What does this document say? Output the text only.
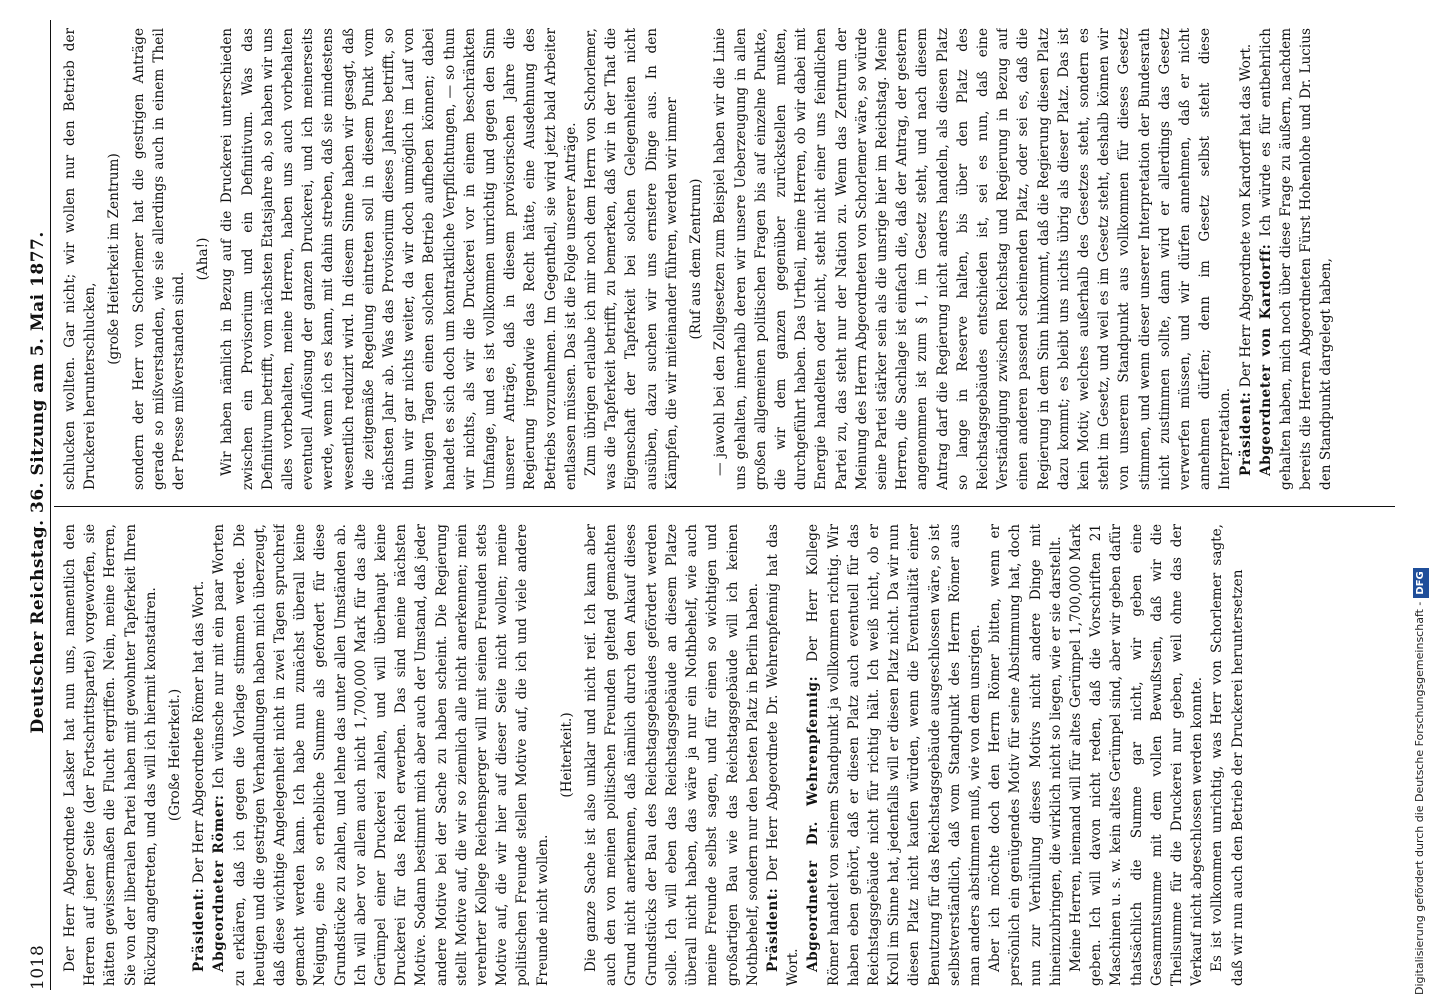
1018
Deutscher Reichstag. 36. Sitzung am 5. Mai 1877.

Der Herr Abgeordnete Lasker hat nun uns, namentlich den Herren auf jener Seite (der Fortschrittspartei) vorgeworfen, sie hätten gewissermaßen die Flucht ergriffen. Nein, meine Herren, Sie von der liberalen Partei haben mit gewohnter Tapferkeit Ihren Rückzug angetreten, und das will ich hiermit konstatiren. (Große Heiterkeit.)

Präsident: Der Herr Abgeordnete Römer hat das Wort. Abgeordneter Römer: Ich wünsche nur mit ein paar Worten zu erklären, daß ich gegen die Vorlage stimmen werde. Die heutigen und die gestrigen Verhandlungen haben mich überzeugt, daß diese wichtige Angelegenheit nicht in zwei Tagen spruchreif gemacht werden kann. Ich habe nun zunächst überall keine Neigung, eine so erhebliche Summe als gefordert für diese Grundstücke zu zahlen, und lehne das unter allen Umständen ab. Ich will aber vor allem auch nicht 1,700,000 Mark für das alte Gerümpel einer Druckerei zahlen, und will überhaupt keine Druckerei für das Reich erwerben. Das sind meine nächsten Motive. Sodann bestimmt mich aber auch der Umstand, daß jeder andere Motive bei der Sache zu haben scheint. Die Regierung stellt Motive auf, die wir so ziemlich alle nicht anerkennen; mein verehrter Kollege Reichensperger will mit seinen Freunden stets Motive auf, die wir hier auf dieser Seite nicht wollen; meine politischen Freunde stellen Motive auf, die ich und viele andere Freunde nicht wollen.

(Heiterkeit.) Die ganze Sache ist also unklar und nicht reif. Ich kann aber auch den von meinen politischen Freunden geltend gemachten Grund nicht anerkennen, daß nämlich durch den Ankauf dieses Grundstücks der Bau des Reichstagsgebäudes gefördert werden solle. Ich will eben das Reichstagsgebäude an diesem Platze überall nicht haben, das wäre ja nur ein Nothbehelf, wie auch meine Freunde selbst sagen, und für einen so wichtigen und großartigen Bau wie das Reichstagsgebäude will ich keinen Nothbehelf, sondern nur den besten Platz in Berlin haben. Präsident: Der Herr Abgeordnete Dr. Wehrenpfennig hat das Wort. Abgeordneter Dr. Wehrenpfennig: Der Herr Kollege Römer handelt von seinem Standpunkt ja vollkommen richtig. Wir haben eben gehört, daß er diesen Platz auch eventuell für das Reichstagsgebäude nicht für richtig hält. Ich weiß nicht, ob er Kroll im Sinne hat, jedenfalls will er diesen Platz nicht. Da wir nun diesen Platz nicht kaufen würden, wenn die Eventualität einer Benutzung für das Reichstagsgebäude ausgeschlossen wäre, so ist selbstverständlich, daß vom Standpunkt des Herrn Römer aus man anders abstimmen muß, wie von dem unsrigen. Aber ich möchte doch den Herrn Römer bitten, wenn er persönlich ein genügendes Motiv für seine Abstimmung hat, doch nun zur Verhüllung dieses Motivs nicht andere Dinge mit hineinzubringen, die wirklich nicht so liegen, wie er sie darstellt. Meine Herren, niemand will für altes Gerümpel 1,700,000 Mark geben. Ich will davon nicht reden, daß die Vorschriften 21 Maschinen u. s. w. kein altes Gerümpel sind, aber wir geben dafür thatsächlich die Summe gar nicht, wir geben eine Gesammtsumme mit dem vollen Bewußtsein, daß wir die Theilsumme für die Druckerei nur geben, weil ohne das der Verkauf nicht abgeschlossen werden konnte. Es ist vollkommen unrichtig, was Herr von Schorlemer sagte, daß wir nun auch den Betrieb der Druckerei heruntersetzen

schlucken wollten. Gar nicht; wir wollen nur den Betrieb der Druckerei herunterschlucken,

(große Heiterkeit im Zentrum) sondern der Herr von Schorlemer hat die gestrigen Anträge gerade so mißverstanden, wie sie allerdings auch in einem Theil der Presse mißverstanden sind.

(Aha!) Wir haben nämlich in Bezug auf die Druckerei unterschieden zwischen ein Provisorium und ein Definitivum. Was das Definitivum betrifft, vom nächsten Etatsjahre ab, so haben wir uns alles vorbehalten, meine Herren, haben uns auch vorbehalten eventuell Auflösung der ganzen Druckerei, und ich meinerseits werde, wenn ich es kann, mit dahin streben, daß sie mindestens wesentlich reduzirt wird. In diesem Sinne haben wir gesagt, daß die zeitgemäße Regelung eintreten soll in diesem Punkt vom nächsten Jahr ab. Was das Provisorium dieses Jahres betrifft, so thun wir gar nichts weiter, da wir doch unmöglich im Lauf von wenigen Tagen einen solchen Betrieb aufheben können; dabei handelt es sich doch um kontraktliche Verpflichtungen, — so thun wir nichts, als wir die Druckerei vor in einem beschränkten Umfange, und es ist vollkommen unrichtig und gegen den Sinn unserer Anträge, daß in diesem provisorischen Jahre die Regierung irgendwie das Recht hätte, eine Ausdehnung des Betriebs vorzunehmen. Im Gegentheil, sie wird jetzt bald Arbeiter entlassen müssen. Das ist die Folge unserer Anträge. Zum übrigen erlaube ich mir noch dem Herrn von Schorlemer, was die Tapferkeit betrifft, zu bemerken, daß wir in der That die Eigenschaft der Tapferkeit bei solchen Gelegenheiten nicht ausüben, dazu suchen wir uns ernstere Dinge aus. In den Kämpfen, die wir miteinander führen, werden wir immer (Ruf aus dem Zentrum) — jawohl bei den Zollgesetzen zum Beispiel haben wir die Linie uns gehalten, innerhalb deren wir unsere Ueberzeugung in allen großen allgemeinen politischen Fragen bis auf einzelne Punkte, die wir dem ganzen gegenüber zurückstellen mußten, durchgeführt haben. Das Urtheil, meine Herren, ob wir dabei mit Energie handelten oder nicht, steht nicht einer uns feindlichen Partei zu, das steht nur der Nation zu. Wenn das Zentrum der Meinung des Herrn Abgeordneten von Schorlemer wäre, so würde seine Partei stärker sein als die unsrige hier im Reichstag. Meine Herren, die Sachlage ist einfach die, daß der Antrag, der gestern angenommen ist zum § 1, im Gesetz steht, und nach diesem Antrag darf die Regierung nicht anders handeln, als diesen Platz so lange in Reserve halten, bis über den Platz des Reichstagsgebäudes entschieden ist, sei es nun, daß eine Verständigung zwischen Reichstag und Regierung in Bezug auf einen anderen passend scheinenden Platz, oder sei es, daß die Regierung in dem Sinn hinkommt, daß die Regierung diesen Platz dazu kommt; es bleibt uns nichts übrig als dieser Platz. Das ist kein Motiv, welches außerhalb des Gesetzes steht, sondern es steht im Gesetz, und weil es im Gesetz steht, deshalb können wir von unserem Standpunkt aus vollkommen für dieses Gesetz stimmen, und wenn dieser unserer Interpretation der Bundesrath nicht zustimmen sollte, dann wird er allerdings das Gesetz verwerfen müssen, und wir dürfen annehmen, daß er nicht annehmen dürfen; denn im Gesetz selbst steht diese Interpretation. Präsident: Der Herr Abgeordnete von Kardorff hat das Wort. Abgeordneter von Kardorff: Ich würde es für entbehrlich gehalten haben, mich noch über diese Frage zu äußern, nachdem bereits die Herren Abgeordneten Fürst Hohenlohe und Dr. Lucius den Standpunkt dargelegt haben,

Digitalisierung gefördert durch die Deutsche Forschungsgemeinschaft -DFG
